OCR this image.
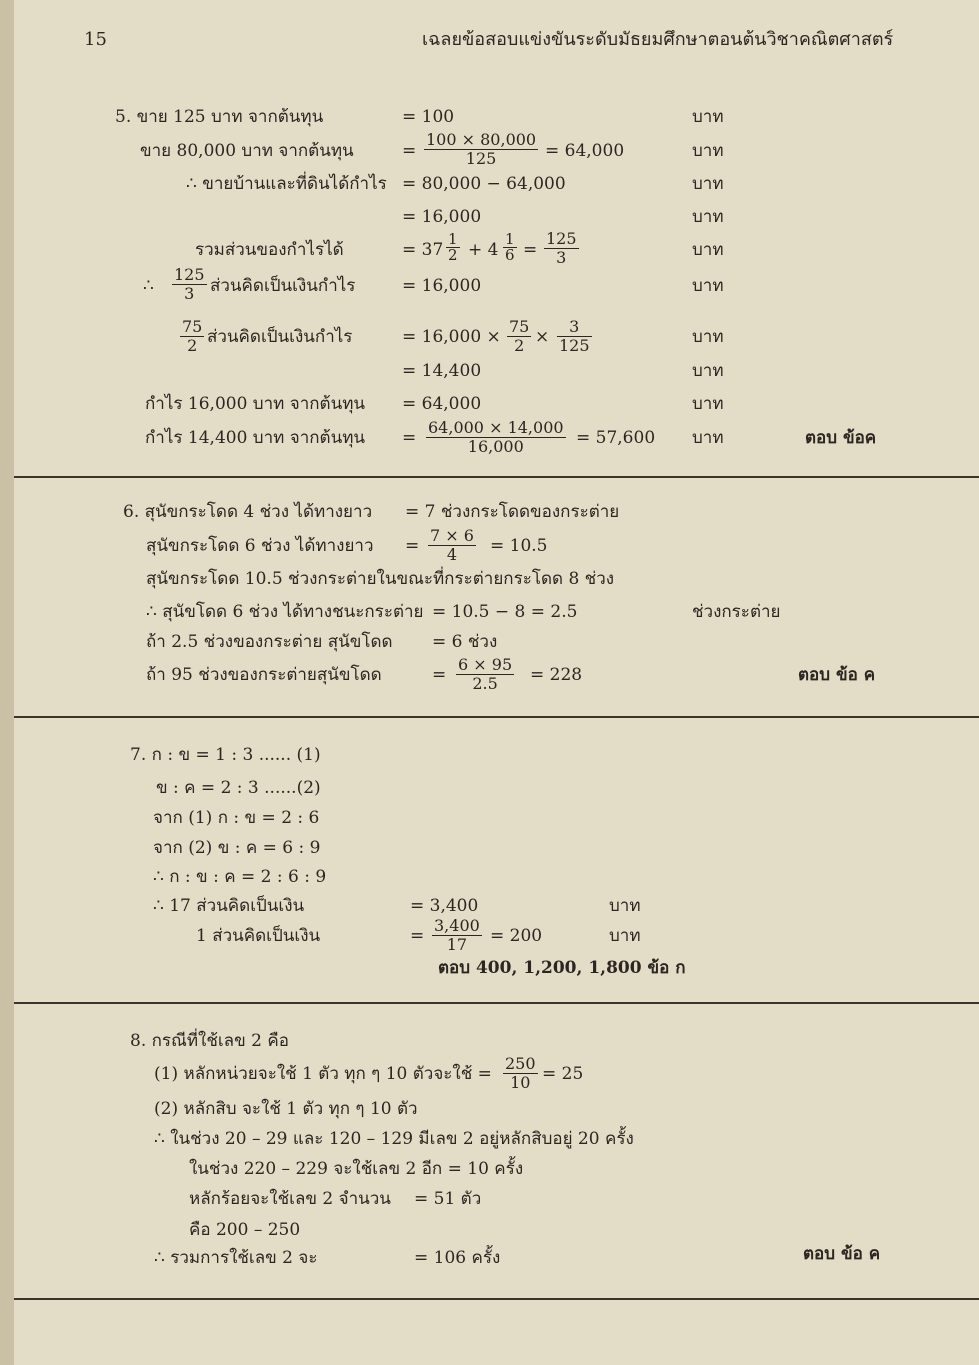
15	เฉลยข้อสอบแข่งขันระดับมัธยมศึกษาตอนต้นวิชาคณิตศาสตร์
5. ขาย 125 บาท จากต้นทุน	= 100	บาท
ขาย 80,000 บาท จากต้นทุน	= $\frac{100 \times 80,000}{125} = 64,000$	บาท
∴ ขายบ้านและที่ดินได้กำไร = 80,000 − 64,000	บาท
= 16,000	บาท
รวมส่วนของกำไรได้	= $37 \frac{1}{2} + 4 \frac{1}{6} = \frac{125}{3}$	บาท
∴ $\frac{125}{3}$ ส่วนคิดเป็นเงินกำไร	= 16,000	บาท
$\frac{75}{2}$ ส่วนคิดเป็นเงินกำไร	= $16,000 \times \frac{75}{2} \times \frac{3}{125}$	บาท
= 14,400	บาท
กำไร 16,000 บาท จากต้นทุน = 64,000	บาท
กำไร 14,400 บาท จากต้นทุน = $\frac{64,000 \times 14,000}{16,000} = 57,600$ บาท	ตอบ ข้อค
6. สุนัขกระโดด 4 ช่วง ได้ทางยาว = 7 ช่วงกระโดดของกระต่าย
สุนัขกระโดด 6 ช่วง ได้ทางยาว = $\frac{7 \times 6}{4} = 10.5$
สุนัขกระโดด 10.5 ช่วงกระต่ายในขณะที่กระต่ายกระโดด 8 ช่วง
∴ สุนัขโดด 6 ช่วง ได้ทางชนะกระต่าย = 10.5 − 8 = 2.5	ช่วงกระต่าย
ถ้า 2.5 ช่วงของกระต่าย สุนัขโดด = 6 ช่วง
ถ้า 95 ช่วงของกระต่ายสุนัขโดด	= $\frac{6 \times 95}{2.5} = 228$	ตอบ ข้อ ค
7. ก : ข = 1 : 3 ...... (1)
ข : ค = 2 : 3 ......(2)
จาก (1) ก : ข = 2 : 6
จาก (2) ข : ค = 6 : 9
∴ ก : ข : ค = 2 : 6 : 9
∴ 17 ส่วนคิดเป็นเงิน	= 3,400	บาท
1 ส่วนคิดเป็นเงิน	= $\frac{3,400}{17} = 200$	บาท
ตอบ 400, 1,200, 1,800 ข้อ ก
8. กรณีที่ใช้เลข 2 คือ
(1) หลักหน่วยจะใช้ 1 ตัว ทุก ๆ 10 ตัวจะใช้ = $\frac{250}{10} = 25$
(2) หลักสิบ จะใช้ 1 ตัว ทุก ๆ 10 ตัว
∴ ในช่วง 20 – 29 และ 120 – 129 มีเลข 2 อยู่หลักสิบอยู่ 20 ครั้ง
ในช่วง 220 – 229 จะใช้เลข 2 อีก = 10 ครั้ง
หลักร้อยจะใช้เลข 2 จำนวน = 51 ตัว
คือ 200 – 250
∴ รวมการใช้เลข 2 จะ	= 106 ครั้ง	ตอบ ข้อ ค
